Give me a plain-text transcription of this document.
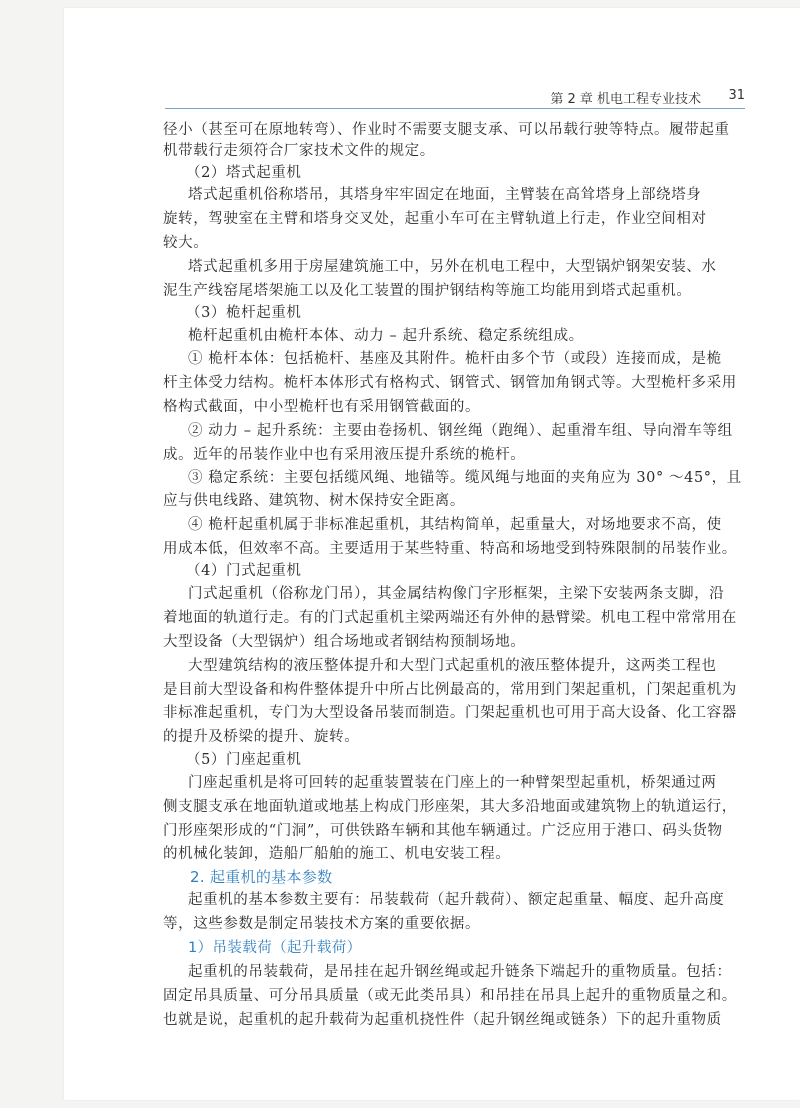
第 2 章 机电工程专业技术 31
径小（甚至可在原地转弯）、作业时不需要支腿支承、可以吊载行驶等特点。履带起重
机带载行走须符合厂家技术文件的规定。
（2）塔式起重机
塔式起重机俗称塔吊，其塔身牢牢固定在地面，主臂装在高耸塔身上部绕塔身
旋转，驾驶室在主臂和塔身交叉处，起重小车可在主臂轨道上行走，作业空间相对
较大。
塔式起重机多用于房屋建筑施工中，另外在机电工程中，大型锅炉钢架安装、水
泥生产线窑尾塔架施工以及化工装置的围护钢结构等施工均能用到塔式起重机。
（3）桅杆起重机
桅杆起重机由桅杆本体、动力 – 起升系统、稳定系统组成。
① 桅杆本体：包括桅杆、基座及其附件。桅杆由多个节（或段）连接而成，是桅
杆主体受力结构。桅杆本体形式有格构式、钢管式、钢管加角钢式等。大型桅杆多采用
格构式截面，中小型桅杆也有采用钢管截面的。
② 动力 – 起升系统：主要由卷扬机、钢丝绳（跑绳）、起重滑车组、导向滑车等组
成。近年的吊装作业中也有采用液压提升系统的桅杆。
③ 稳定系统：主要包括缆风绳、地锚等。缆风绳与地面的夹角应为 30° ～45°，且
应与供电线路、建筑物、树木保持安全距离。
④ 桅杆起重机属于非标准起重机，其结构简单，起重量大，对场地要求不高，使
用成本低，但效率不高。主要适用于某些特重、特高和场地受到特殊限制的吊装作业。
（4）门式起重机
门式起重机（俗称龙门吊），其金属结构像门字形框架，主梁下安装两条支脚，沿
着地面的轨道行走。有的门式起重机主梁两端还有外伸的悬臂梁。机电工程中常常用在
大型设备（大型锅炉）组合场地或者钢结构预制场地。
大型建筑结构的液压整体提升和大型门式起重机的液压整体提升，这两类工程也
是目前大型设备和构件整体提升中所占比例最高的，常用到门架起重机，门架起重机为
非标准起重机，专门为大型设备吊装而制造。门架起重机也可用于高大设备、化工容器
的提升及桥梁的提升、旋转。
（5）门座起重机
门座起重机是将可回转的起重装置装在门座上的一种臂架型起重机，桥架通过两
侧支腿支承在地面轨道或地基上构成门形座架，其大多沿地面或建筑物上的轨道运行，
门形座架形成的“门洞”，可供铁路车辆和其他车辆通过。广泛应用于港口、码头货物
的机械化装卸，造船厂船舶的施工、机电安装工程。
2. 起重机的基本参数
起重机的基本参数主要有：吊装载荷（起升载荷）、额定起重量、幅度、起升高度
等，这些参数是制定吊装技术方案的重要依据。
1）吊装载荷（起升载荷）
起重机的吊装载荷，是吊挂在起升钢丝绳或起升链条下端起升的重物质量。包括：
固定吊具质量、可分吊具质量（或无此类吊具）和吊挂在吊具上起升的重物质量之和。
也就是说，起重机的起升载荷为起重机挠性件（起升钢丝绳或链条）下的起升重物质
